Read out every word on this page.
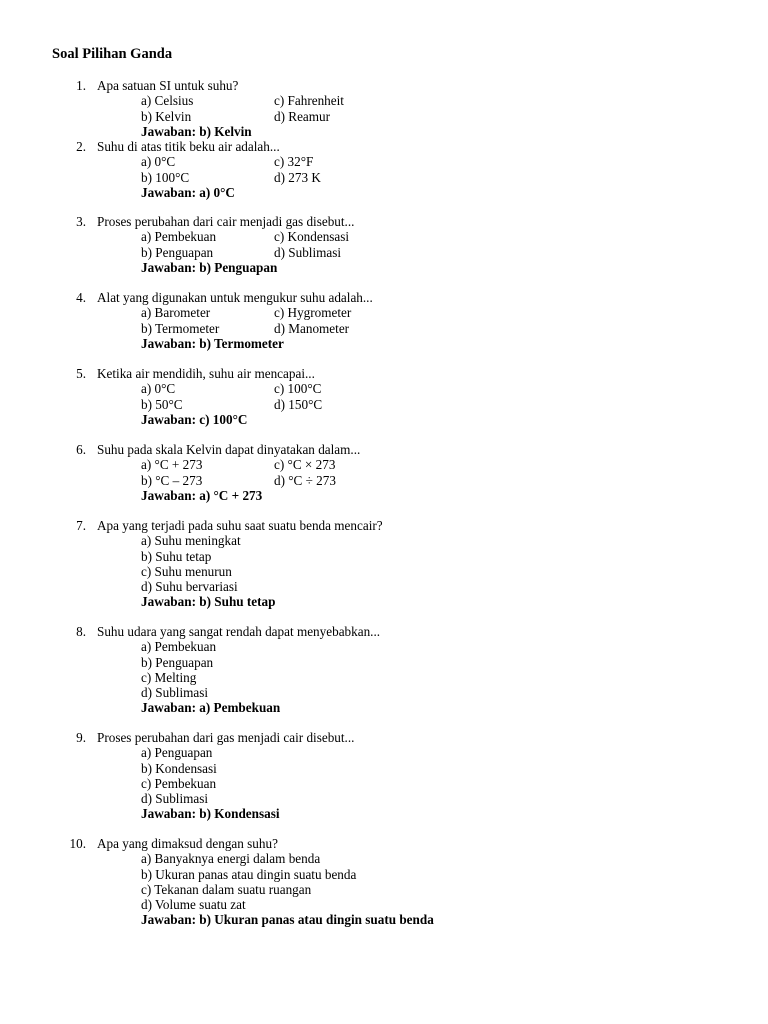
Soal Pilihan Ganda
1. Apa satuan SI untuk suhu?
a) Celsius	c) Fahrenheit
b) Kelvin	d) Reamur
Jawaban: b) Kelvin
2. Suhu di atas titik beku air adalah...
a) 0°C	c) 32°F
b) 100°C	d) 273 K
Jawaban: a) 0°C
3. Proses perubahan dari cair menjadi gas disebut...
a) Pembekuan	c) Kondensasi
b) Penguapan	d) Sublimasi
Jawaban: b) Penguapan
4. Alat yang digunakan untuk mengukur suhu adalah...
a) Barometer	c) Hygrometer
b) Termometer	d) Manometer
Jawaban: b) Termometer
5. Ketika air mendidih, suhu air mencapai...
a) 0°C	c) 100°C
b) 50°C	d) 150°C
Jawaban: c) 100°C
6. Suhu pada skala Kelvin dapat dinyatakan dalam...
a) °C + 273	c) °C × 273
b) °C – 273	d) °C ÷ 273
Jawaban: a) °C + 273
7. Apa yang terjadi pada suhu saat suatu benda mencair?
a) Suhu meningkat
b) Suhu tetap
c) Suhu menurun
d) Suhu bervariasi
Jawaban: b) Suhu tetap
8. Suhu udara yang sangat rendah dapat menyebabkan...
a) Pembekuan
b) Penguapan
c) Melting
d) Sublimasi
Jawaban: a) Pembekuan
9. Proses perubahan dari gas menjadi cair disebut...
a) Penguapan
b) Kondensasi
c) Pembekuan
d) Sublimasi
Jawaban: b) Kondensasi
10. Apa yang dimaksud dengan suhu?
a) Banyaknya energi dalam benda
b) Ukuran panas atau dingin suatu benda
c) Tekanan dalam suatu ruangan
d) Volume suatu zat
Jawaban: b) Ukuran panas atau dingin suatu benda
